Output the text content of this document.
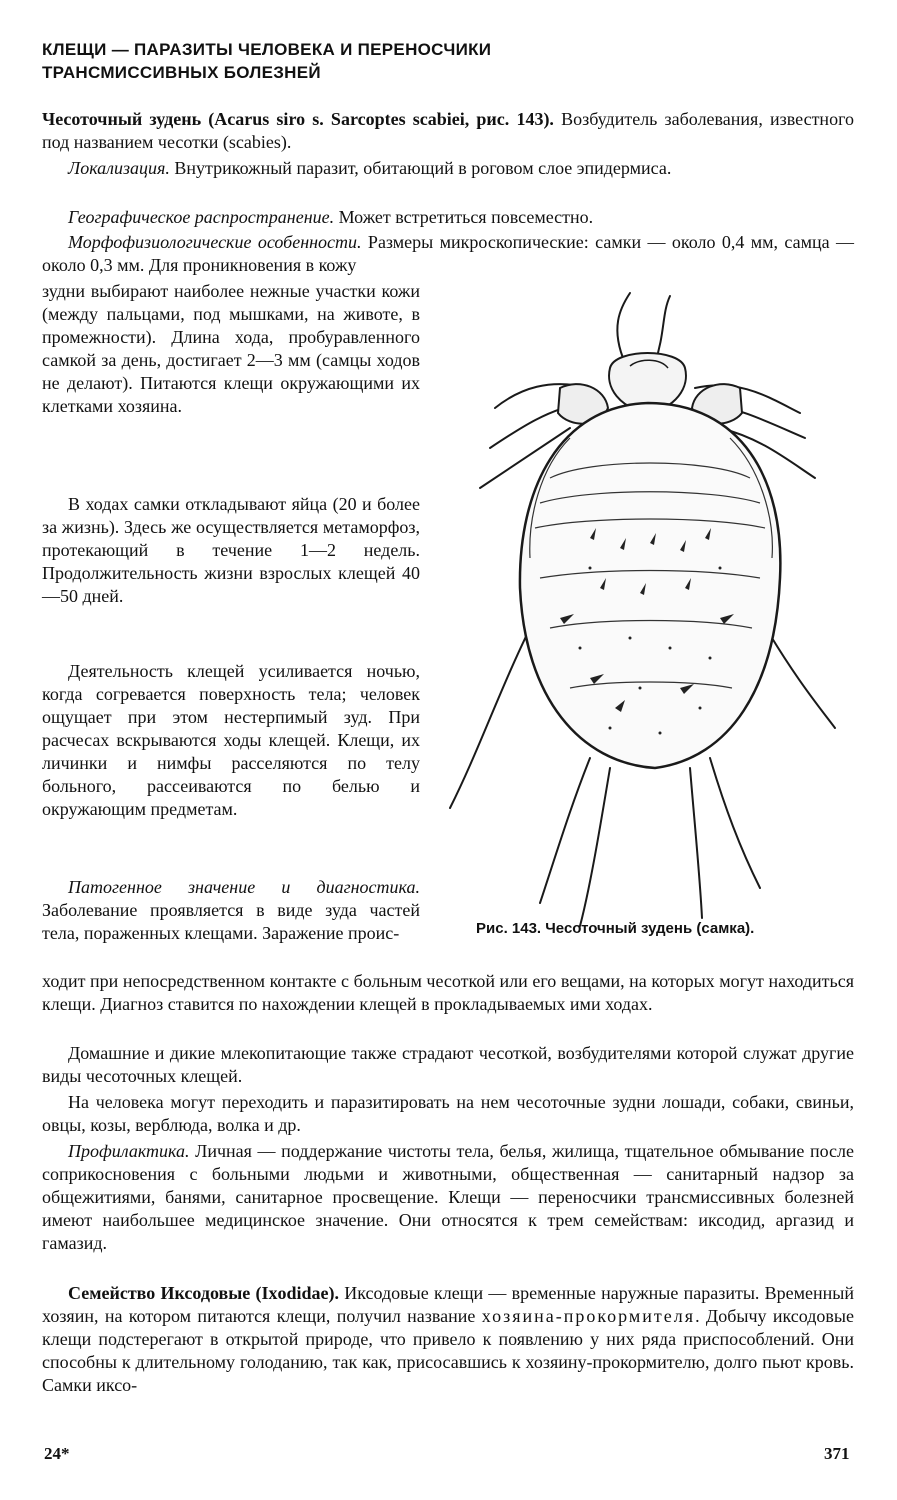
КЛЕЩИ — ПАРАЗИТЫ ЧЕЛОВЕКА И ПЕРЕНОСЧИКИ
ТРАНСМИССИВНЫХ БОЛЕЗНЕЙ

Чесоточный зудень (Acarus siro s. Sarcoptes scabiei, рис. 143). Возбудитель заболевания, известного под названием чесотки (scabies).

Локализация. Внутрикожный паразит, обитающий в роговом слое эпидермиса.

Географическое распространение. Может встретиться повсеместно.

Морфофизиологические особенности. Размеры микроскопические: самки — около 0,4 мм, самца — около 0,3 мм. Для проникновения в кожу

зудни выбирают наиболее нежные участки кожи (между пальцами, под мышками, на животе, в промежности). Длина хода, пробуравленного самкой за день, достигает 2—3 мм (самцы ходов не делают). Питаются клещи окружающими их клетками хозяина.

В ходах самки откладывают яйца (20 и более за жизнь). Здесь же осуществляется метаморфоз, протекающий в течение 1—2 недель. Продолжительность жизни взрослых клещей 40—50 дней.

Деятельность клещей усиливается ночью, когда согревается поверхность тела; человек ощущает при этом нестерпимый зуд. При расчесах вскрываются ходы клещей. Клещи, их личинки и нимфы расселяются по телу больного, рассеиваются по белью и окружающим предметам.

Патогенное значение и диагностика. Заболевание проявляется в виде зуда частей тела, пораженных клещами. Заражение проис-	Рис. 143. Чесоточный зудень (самка).

ходит при непосредственном контакте с больным чесоткой или его вещами, на которых могут находиться клещи. Диагноз ставится по нахождении клещей в прокладываемых ими ходах.

Домашние и дикие млекопитающие также страдают чесоткой, возбудителями которой служат другие виды чесоточных клещей.

На человека могут переходить и паразитировать на нем чесоточные зудни лошади, собаки, свиньи, овцы, козы, верблюда, волка и др.

Профилактика. Личная — поддержание чистоты тела, белья, жилища, тщательное обмывание после соприкосновения с больными людьми и животными, общественная — санитарный надзор за общежитиями, банями, санитарное просвещение. Клещи — переносчики трансмиссивных болезней имеют наибольшее медицинское значение. Они относятся к трем семействам: иксодид, аргазид и гамазид.

Семейство Иксодовые (Ixodidae). Иксодовые клещи — временные наружные паразиты. Временный хозяин, на котором питаются клещи, получил название хозяина-прокормителя. Добычу иксодовые клещи подстерегают в открытой природе, что привело к появлению у них ряда приспособлений. Они способны к длительному голоданию, так как, присосавшись к хозяину-прокормителю, долго пьют кровь. Самки иксо-

24*	371
